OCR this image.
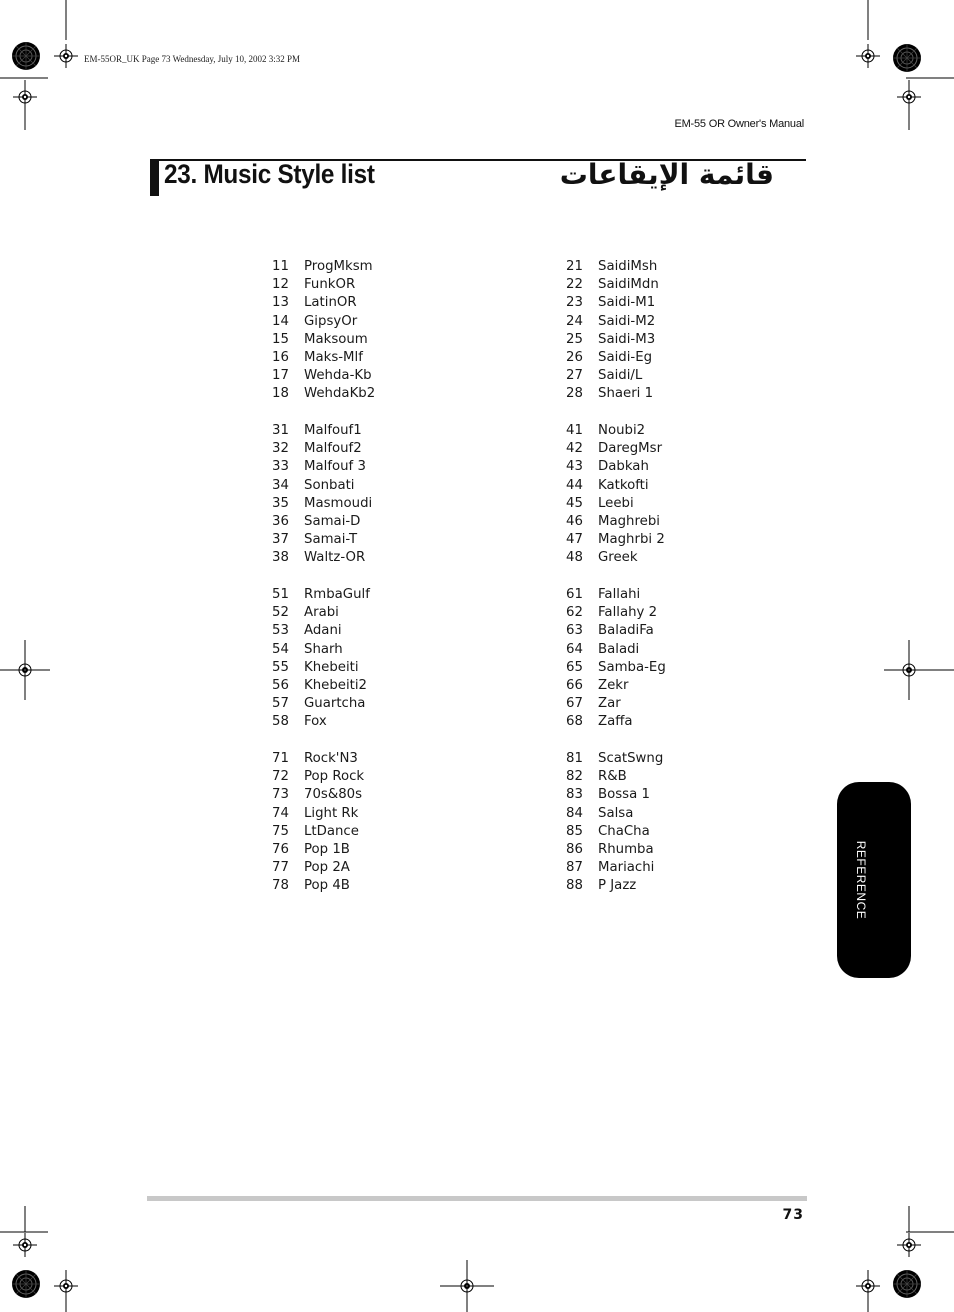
EM-55OR_UK Page 73 Wednesday, July 10, 2002 3:32 PM
EM-55 OR Owner's Manual
23. Music Style list	قائمة الإيقاعات
11 ProgMksm
12 FunkOR
13 LatinOR
14 GipsyOr
15 Maksoum
16 Maks-Mlf
17 Wehda-Kb
18 WehdaKb2
21 SaidiMsh
22 SaidiMdn
23 Saidi-M1
24 Saidi-M2
25 Saidi-M3
26 Saidi-Eg
27 Saidi/L
28 Shaeri 1
31 Malfouf1
32 Malfouf2
33 Malfouf 3
34 Sonbati
35 Masmoudi
36 Samai-D
37 Samai-T
38 Waltz-OR
41 Noubi2
42 DaregMsr
43 Dabkah
44 Katkofti
45 Leebi
46 Maghrebi
47 Maghrbi 2
48 Greek
51 RmbaGulf
52 Arabi
53 Adani
54 Sharh
55 Khebeiti
56 Khebeiti2
57 Guartcha
58 Fox
61 Fallahi
62 Fallahy 2
63 BaladiFa
64 Baladi
65 Samba-Eg
66 Zekr
67 Zar
68 Zaffa
71 Rock'N3
72 Pop Rock
73 70s&80s
74 Light Rk
75 LtDance
76 Pop 1B
77 Pop 2A
78 Pop 4B
81 ScatSwng
82 R&B
83 Bossa 1
84 Salsa
85 ChaCha
86 Rhumba
87 Mariachi
88 P Jazz	REFERENCE
73
